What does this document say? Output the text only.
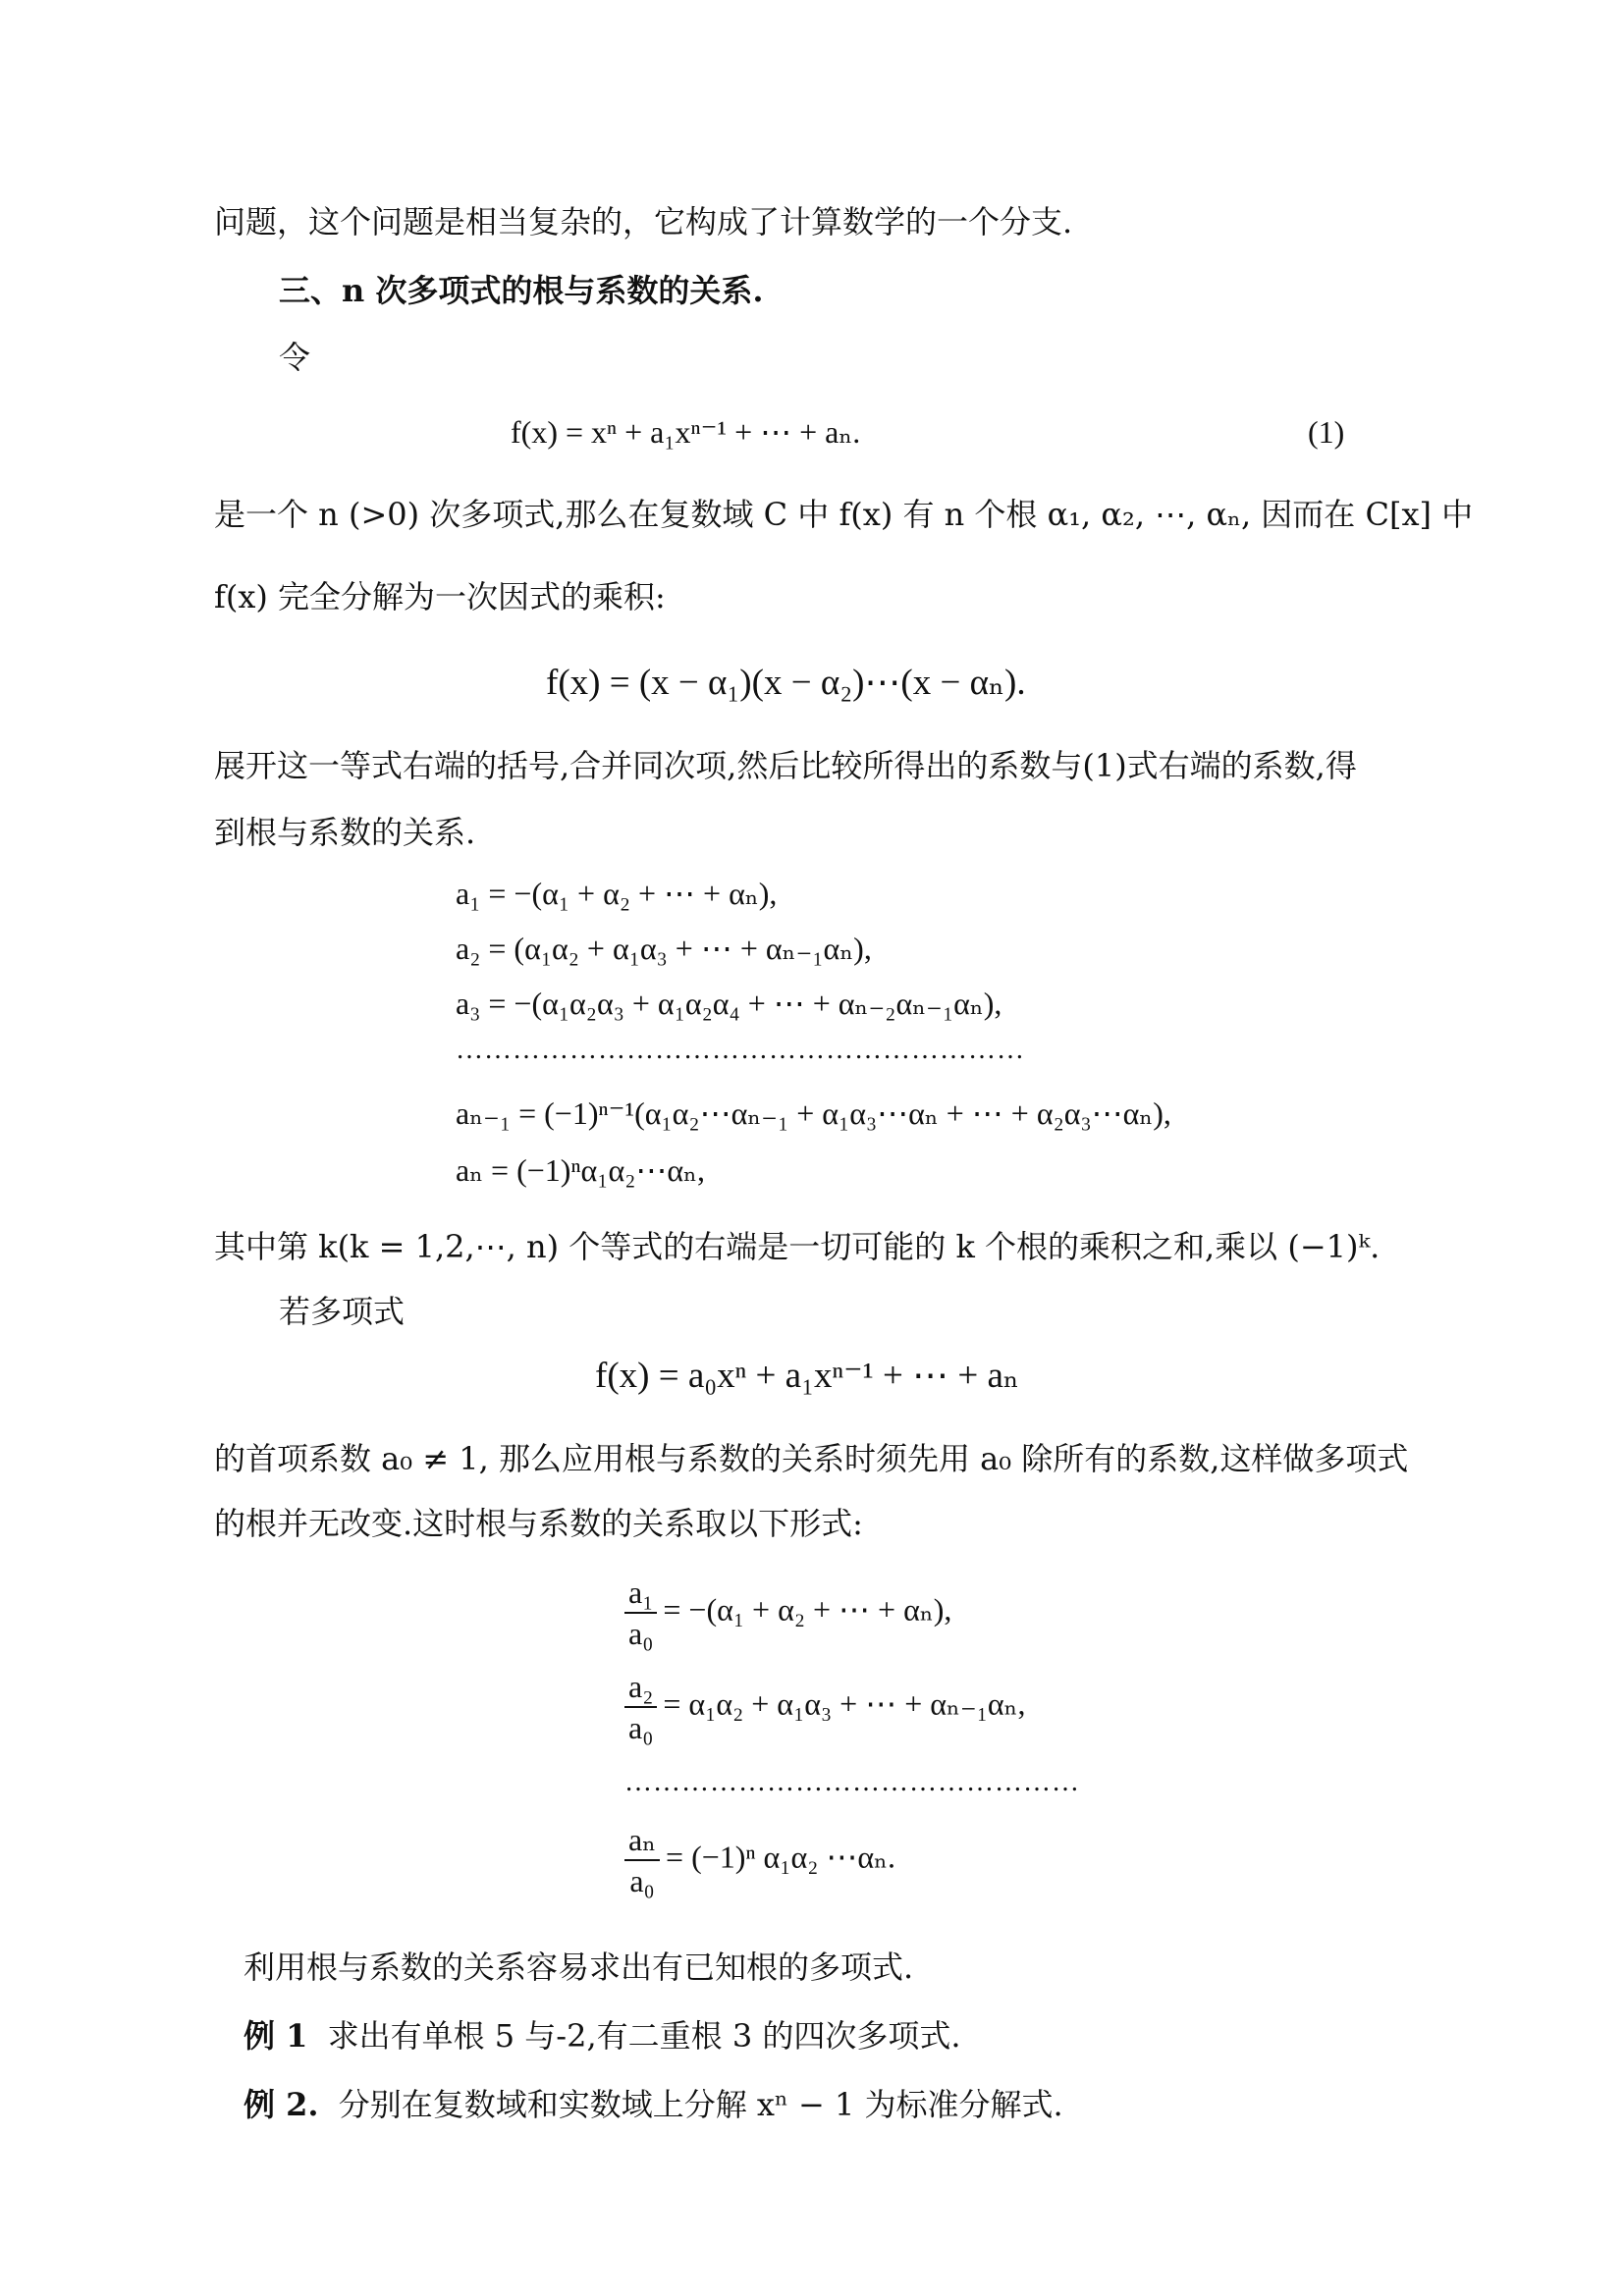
问题，这个问题是相当复杂的，它构成了计算数学的一个分支.
三、n 次多项式的根与系数的关系.
令
f(x) = xⁿ + a₁xⁿ⁻¹ + ⋯ + aₙ.	(1)
是一个 n (>0) 次多项式,那么在复数域 C 中 f(x) 有 n 个根 α₁, α₂, ⋯, αₙ, 因而在 C[x] 中
f(x) 完全分解为一次因式的乘积:
f(x) = (x − α₁)(x − α₂)⋯(x − αₙ).
展开这一等式右端的括号,合并同次项,然后比较所得出的系数与(1)式右端的系数,得
到根与系数的关系.
a₁ = −(α₁ + α₂ + ⋯ + αₙ),
a₂ = (α₁α₂ + α₁α₃ + ⋯ + αₙ₋₁αₙ),
a₃ = −(α₁α₂α₃ + α₁α₂α₄ + ⋯ + αₙ₋₂αₙ₋₁αₙ),
……………………………………………………
aₙ₋₁ = (−1)ⁿ⁻¹(α₁α₂⋯αₙ₋₁ + α₁α₃⋯αₙ + ⋯ + α₂α₃⋯αₙ),
aₙ = (−1)ⁿα₁α₂⋯αₙ,
其中第 k(k = 1,2,⋯, n) 个等式的右端是一切可能的 k 个根的乘积之和,乘以 (−1)ᵏ.
若多项式
f(x) = a₀xⁿ + a₁xⁿ⁻¹ + ⋯ + aₙ
的首项系数 a₀ ≠ 1, 那么应用根与系数的关系时须先用 a₀ 除所有的系数,这样做多项式
的根并无改变.这时根与系数的关系取以下形式:
$\frac{\text{a₁}}{\text{a₀}} = -(\alpha_1 + \alpha_2$ + ⋯ + αₙ),
$\frac{\text{a₂}}{\text{a₀}} = \alpha_1\alpha_2 + \alpha_1\alpha_3$ + ⋯ + αₙ₋₁αₙ,
…………………………………………
$\frac{\text{aₙ}}{\text{a₀}} = (-1)^n$ α₁α₂ ⋯αₙ.
利用根与系数的关系容易求出有已知根的多项式.
例 1 求出有单根 5 与-2,有二重根 3 的四次多项式.
例 2. 分别在复数域和实数域上分解 xⁿ − 1 为标准分解式.
